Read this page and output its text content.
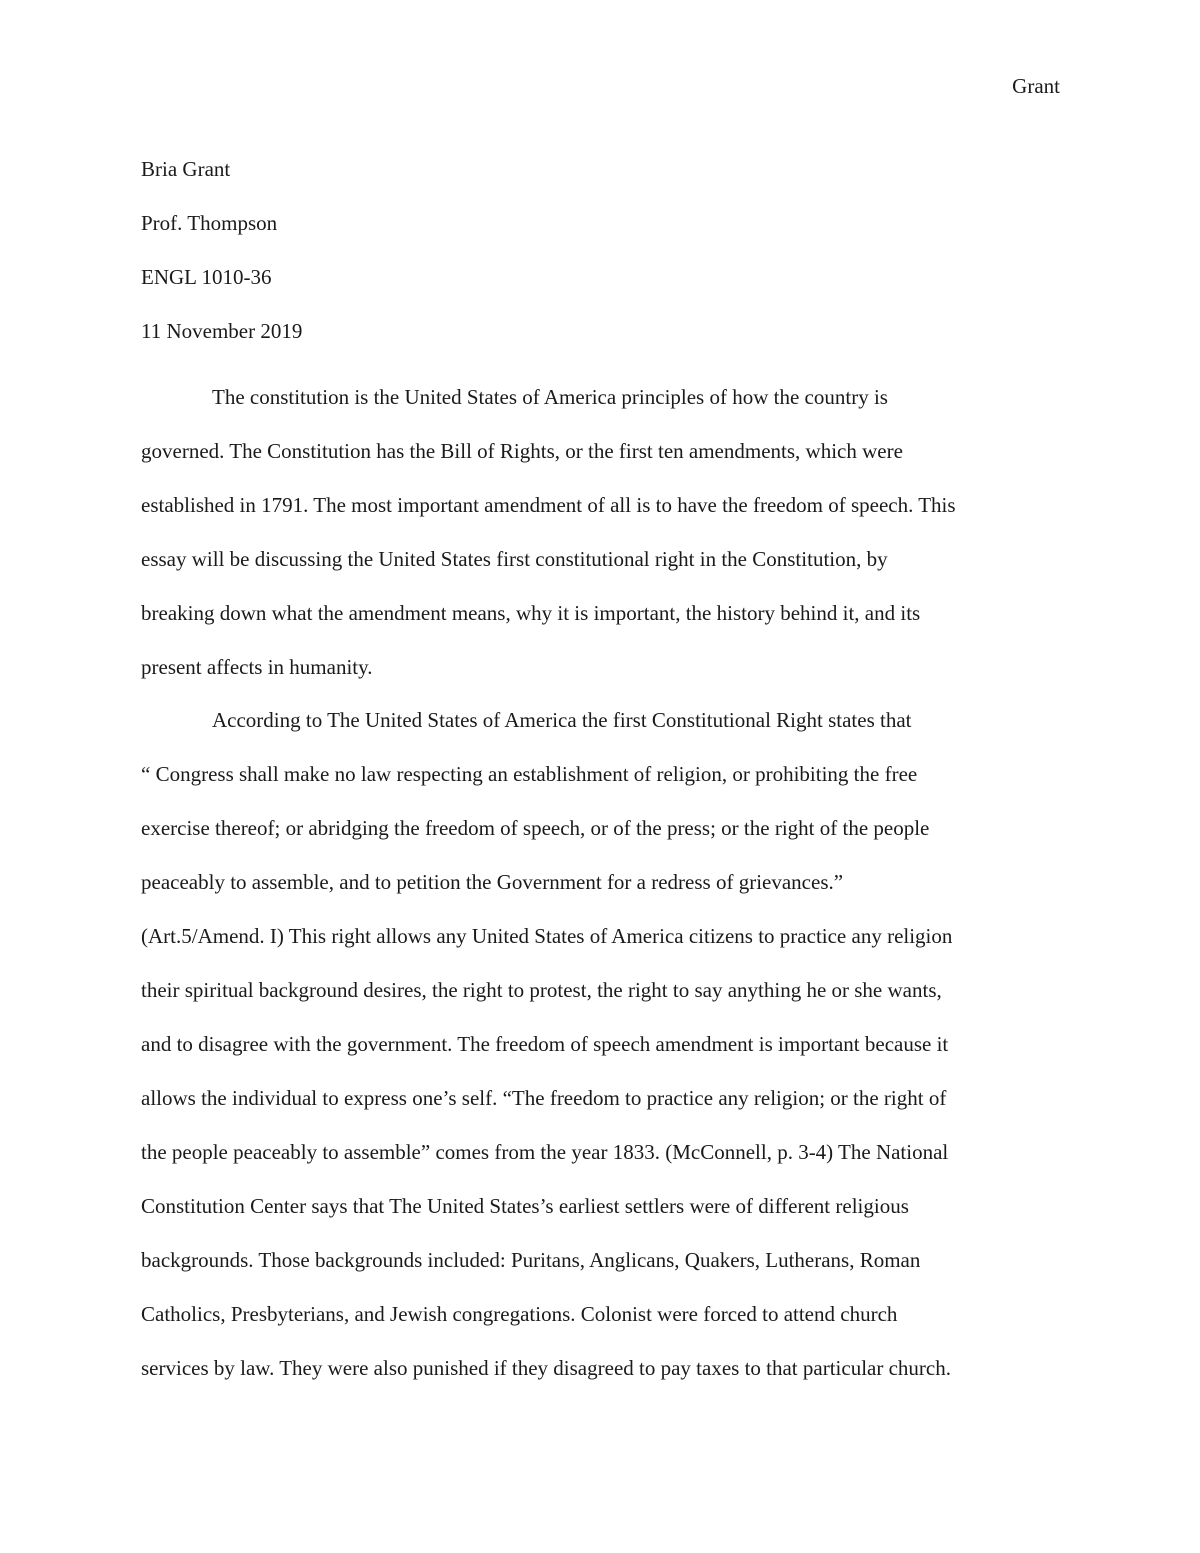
Grant
Bria Grant
Prof. Thompson
ENGL 1010-36
11 November 2019
The constitution is the United States of America principles of how the country is
governed. The Constitution has the Bill of Rights, or the first ten amendments, which were
established in 1791. The most important amendment of all is to have the freedom of speech. This
essay will be discussing the United States first constitutional right in the Constitution, by
breaking down what the amendment means, why it is important, the history behind it, and its
present affects in humanity.
According to The United States of America the first Constitutional Right states that
“ Congress shall make no law respecting an establishment of religion, or prohibiting the free
exercise thereof; or abridging the freedom of speech, or of the press; or the right of the people
peaceably to assemble, and to petition the Government for a redress of grievances.”
(Art.5/Amend. I) This right allows any United States of America citizens to practice any religion
their spiritual background desires, the right to protest, the right to say anything he or she wants,
and to disagree with the government. The freedom of speech amendment is important because it
allows the individual to express one’s self. “The freedom to practice any religion; or the right of
the people peaceably to assemble” comes from the year 1833. (McConnell, p. 3-4) The National
Constitution Center says that The United States’s earliest settlers were of different religious
backgrounds. Those backgrounds included: Puritans, Anglicans, Quakers, Lutherans, Roman
Catholics, Presbyterians, and Jewish congregations. Colonist were forced to attend church
services by law. They were also punished if they disagreed to pay taxes to that particular church.
